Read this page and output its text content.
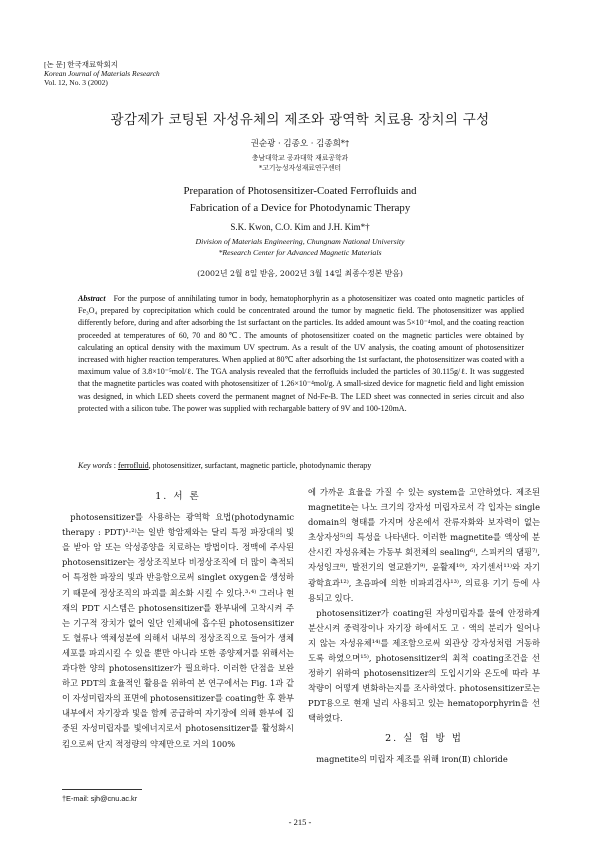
[논 문] 한국재료학회지
Korean Journal of Materials Research
Vol. 12, No. 3 (2002)
광감제가 코팅된 자성유체의 제조와 광역학 치료용 장치의 구성
권순광 · 김종오 · 김종희*†
충남대학교 공과대학 재료공학과
*고기능성자성재료연구센터
Preparation of Photosensitizer-Coated Ferrofluids and
Fabrication of a Device for Photodynamic Therapy
S.K. Kwon, C.O. Kim and J.H. Kim*†
Division of Materials Engineering, Chungnam National University
*Research Center for Advanced Magnetic Materials
(2002년 2월 8일 받음, 2002년 3월 14일 최종수정본 받음)
Abstract For the purpose of annihilating tumor in body, hematophorphyrin as a photosensitizer was coated onto magnetic particles of Fe₃O₄ prepared by coprecipitation which could be concentrated around the tumor by magnetic field. The photosensitizer was applied differently before, during and after adsorbing the 1st surfactant on the particles. Its added amount was 5×10⁻⁴mol, and the coating reaction proceeded at temperatures of 60, 70 and 80℃. The amounts of photosensitizer coated on the magnetic particles were obtained by calculating an optical density with the maximum UV spectrum. As a result of the UV analysis, the coating amount of photosensitizer increased with higher reaction temperatures. When applied at 80℃ after adsorbing the 1st surfactant, the photosensitizer was coated with a maximum value of 3.8×10⁻⁵mol/ℓ. The TGA analysis revealed that the ferrofluids included the particles of 30.115g/ℓ. It was suggested that the magnetite particles was coated with photosensitizer of 1.26×10⁻⁴mol/g. A small-sized device for magnetic field and light emission was designed, in which LED sheets coverd the permanent magnet of Nd-Fe-B. The LED sheet was connected in series circuit and also protected with a silicon tube. The power was supplied with rechargable battery of 9V and 100-120mA.
Key words : ferrofluid, photosensitizer, surfactant, magnetic particle, photodynamic therapy
1. 서 론

photosensitizer를 사용하는 광역학 요법(photodynamic therapy : PDT)¹·²⁾는 일반 항암제와는 달리 특정 파장대의 빛을 받아 암 또는 악성종양을 치료하는 방법이다. 정맥에 주사된 photosensitizer는 정상조직보다 비정상조직에 더 많이 축적되어 특정한 파장의 빛과 반응함으로써 singlet oxygen을 생성하기 때문에 정상조직의 파괴를 최소화 시킬 수 있다.³·⁴⁾ 그러나 현재의 PDT 시스템은 photosensitizer를 환부내에 고착시켜 주는 기구적 장치가 없어 일단 인체내에 흡수된 photosensitizer도 혈류나 액체성분에 의해서 내부의 정상조직으로 들어가 생체세포를 파괴시킬 수 있을 뿐만 아니라 또한 종양제거를 위해서는 과다한 양의 photosensitizer가 필요하다. 이러한 단점을 보완하고 PDT의 효율적인 활용을 위하여 본 연구에서는 Fig. 1과 같이 자성미립자의 표면에 photosensitizer를 coating한 후 환부 내부에서 자기장과 빛을 함께 공급하여 자기장에 의해 환부에 집중된 자성미립자를 빛에너지로서 photosensitizer를 활성화시킴으로써 단지 적정량의 약제만으로 거의 100%

에 가까운 효율을 가질 수 있는 system을 고안하였다. 제조된 magnetite는 나노 크기의 강자성 미립자로서 각 입자는 single domain의 형태를 가지며 상온에서 잔류자화와 보자력이 없는 초상자성⁵⁾의 특성을 나타낸다. 이러한 magnetite를 액상에 분산시킨 자성유체는 가동부 회전체의 sealing⁶⁾, 스피커의 댐핑⁷⁾, 자성잉크⁸⁾, 발전기의 열교환기⁹⁾, 윤활제¹⁰⁾, 자기센서¹¹⁾와 자기광학효과¹²⁾, 초음파에 의한 비파괴검사¹³⁾, 의료용 기기 등에 사용되고 있다.

photosensitizer가 coating된 자성미립자를 물에 안정하게 분산시켜 중력장이나 자기장 하에서도 고 · 액의 분리가 일어나지 않는 자성유체¹⁴⁾를 제조함으로써 외관상 강자성처럼 거동하도록 하였으며¹⁵⁾, photosensitizer의 최적 coating조건을 선정하기 위하여 photosensitizer의 도입시기와 온도에 따라 부착량이 어떻게 변화하는지를 조사하였다. photosensitizer로는 PDT용으로 현재 널리 사용되고 있는 hematoporphyrin을 선택하였다.

2. 실 험 방 법

magnetite의 미립자 제조를 위해 iron(Ⅱ) chloride

†E-mail: sjh@cnu.ac.kr
- 215 -
